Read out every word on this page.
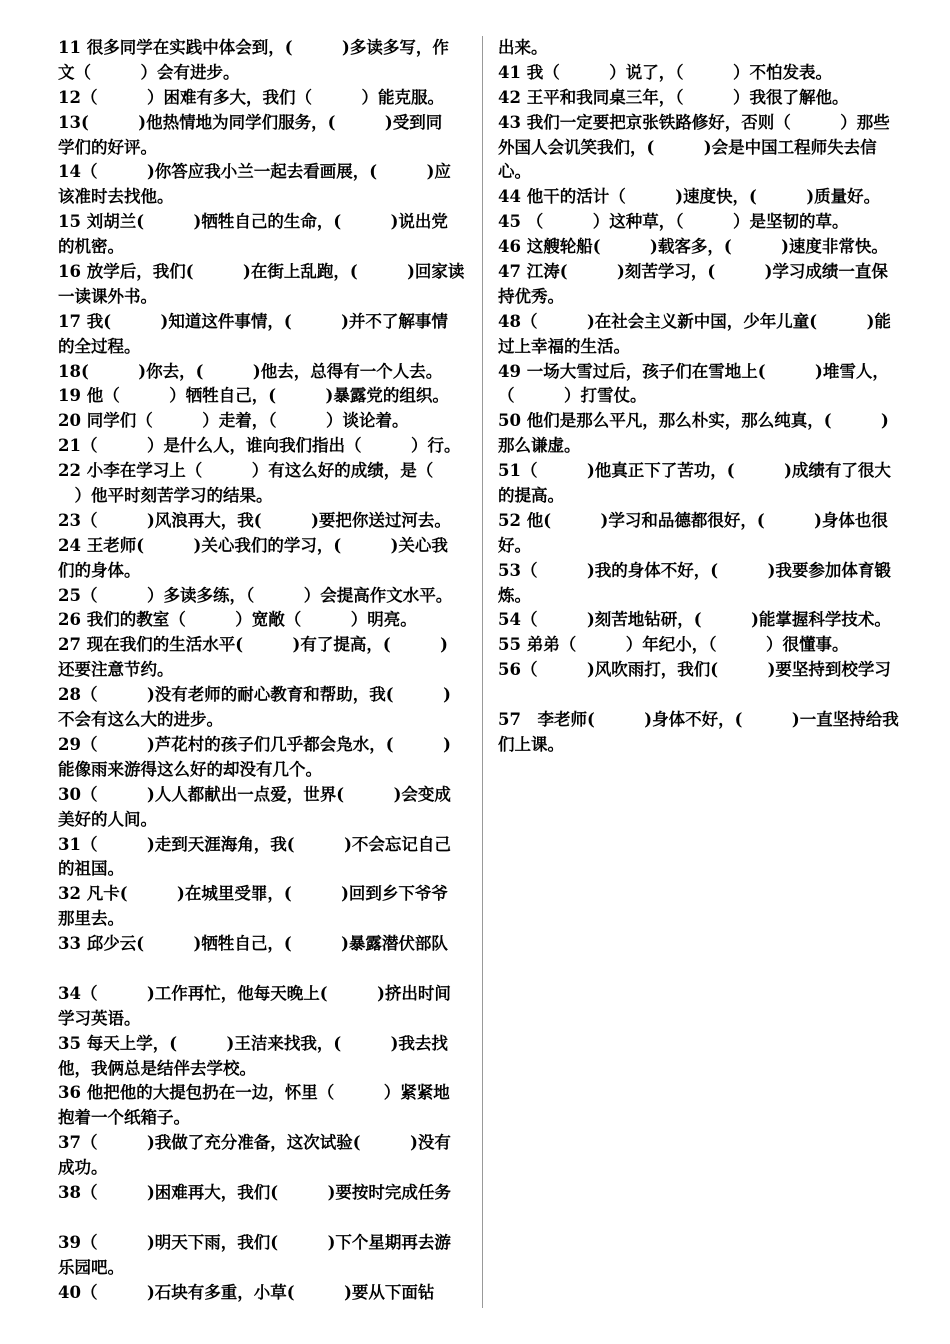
11 很多同学在实践中体会到，(　　　)多读多写，作
文（　　　）会有进步。
12（　　　）困难有多大，我们（　　　）能克服。
13(　　　)他热情地为同学们服务，(　　　)受到同
学们的好评。
14（　　　)你答应我小兰一起去看画展，(　　　)应
该准时去找他。
15 刘胡兰(　　　)牺牲自己的生命，(　　　)说出党
的机密。
16 放学后，我们(　　　)在街上乱跑，(　　　)回家读
一读课外书。
17 我(　　　)知道这件事情，(　　　)并不了解事情
的全过程。
18(　　　)你去，(　　　)他去，总得有一个人去。
19 他（　　　）牺牲自己，(　　　)暴露党的组织。
20 同学们（　　　）走着，（　　　）谈论着。
21（　　　）是什么人，谁向我们指出（　　　）行。
22 小李在学习上（　　　）有这么好的成绩，是（
　）他平时刻苦学习的结果。
23（　　　)风浪再大，我(　　　)要把你送过河去。
24 王老师(　　　)关心我们的学习，(　　　)关心我
们的身体。
25（　　　）多读多练，（　　　）会提高作文水平。
26 我们的教室（　　　）宽敞（　　　）明亮。
27 现在我们的生活水平(　　　)有了提高，(　　　)
还要注意节约。
28（　　　)没有老师的耐心教育和帮助，我(　　　)
不会有这么大的进步。
29（　　　)芦花村的孩子们几乎都会凫水，(　　　)
能像雨来游得这么好的却没有几个。
30（　　　)人人都献出一点爱，世界(　　　)会变成
美好的人间。
31（　　　)走到天涯海角，我(　　　)不会忘记自己
的祖国。
32 凡卡(　　　)在城里受罪，(　　　)回到乡下爷爷
那里去。
33 邱少云(　　　)牺牲自己，(　　　)暴露潜伏部队
34（　　　)工作再忙，他每天晚上(　　　)挤出时间
学习英语。
35 每天上学，(　　　)王洁来找我，(　　　)我去找
他，我俩总是结伴去学校。
36 他把他的大提包扔在一边，怀里（　　　）紧紧地
抱着一个纸箱子。
37（　　　)我做了充分准备，这次试验(　　　)没有
成功。
38（　　　)困难再大，我们(　　　)要按时完成任务
39（　　　)明天下雨，我们(　　　)下个星期再去游
乐园吧。
40（　　　)石块有多重，小草(　　　)要从下面钻
出来。
41 我（　　　）说了，（　　　）不怕发表。
42 王平和我同桌三年，（　　　）我很了解他。
43 我们一定要把京张铁路修好，否则（　　　）那些
外国人会讥笑我们，(　　　)会是中国工程师失去信
心。
44 他干的活计（　　　)速度快，(　　　)质量好。
45 （　　　）这种草，（　　　）是坚韧的草。
46 这艘轮船(　　　)载客多，(　　　)速度非常快。
47 江涛(　　　)刻苦学习，(　　　)学习成绩一直保
持优秀。
48（　　　)在社会主义新中国，少年儿童(　　　)能
过上幸福的生活。
49 一场大雪过后，孩子们在雪地上(　　　)堆雪人，
（　　　）打雪仗。
50 他们是那么平凡，那么朴实，那么纯真，(　　　)
那么谦虚。
51（　　　)他真正下了苦功，(　　　)成绩有了很大
的提高。
52 他(　　　)学习和品德都很好，(　　　)身体也很
好。
53（　　　)我的身体不好，(　　　)我要参加体育锻
炼。
54（　　　)刻苦地钻研，(　　　)能掌握科学技术。
55 弟弟（　　　）年纪小，（　　　）很懂事。
56（　　　)风吹雨打，我们(　　　)要坚持到校学习
57　李老师(　　　)身体不好，(　　　)一直坚持给我
们上课。
